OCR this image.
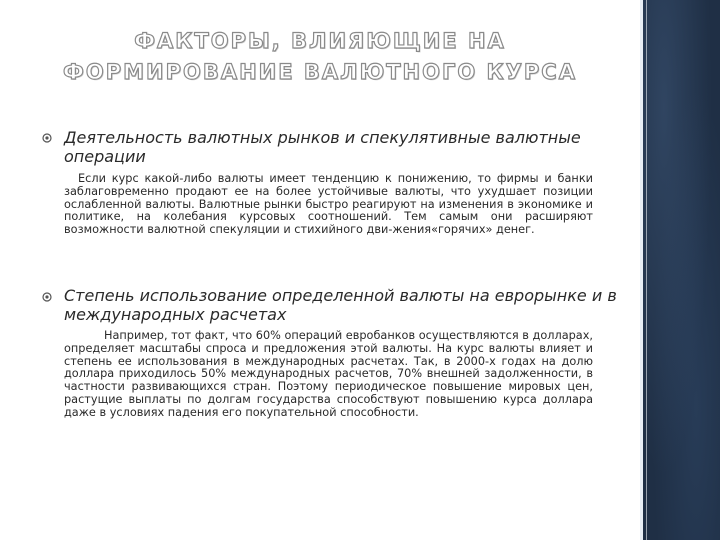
ФАКТОРЫ, ВЛИЯЮЩИЕ НА ФОРМИРОВАНИЕ ВАЛЮТНОГО КУРСА
Деятельность валютных рынков и спекулятивные валютные операции
Если курс какой-либо валюты имеет тенденцию к понижению, то фирмы и банки заблаговременно продают ее на более устойчивые валюты, что ухудшает позиции ослабленной валюты. Валютные рынки быстро реагируют на изменения в экономике и политике, на колебания курсовых соотношений. Тем самым они расширяют возможности валютной спекуляции и стихийного дви-жения«горячих» денег.
Степень использование определенной валюты на еврорынке и в международных расчетах
Например, тот факт, что 60% операций евробанков осуществляются в долларах, определяет масштабы спроса и предложения этой валюты. На курс валюты влияет и степень ее использования в международных расчетах. Так, в 2000-х годах на долю доллара приходилось 50% международных расчетов, 70% внешней задолженности, в частности развивающихся стран. Поэтому периодическое повышение мировых цен, растущие выплаты по долгам государства способствуют повышению курса доллара даже в условиях падения его покупательной способности.
